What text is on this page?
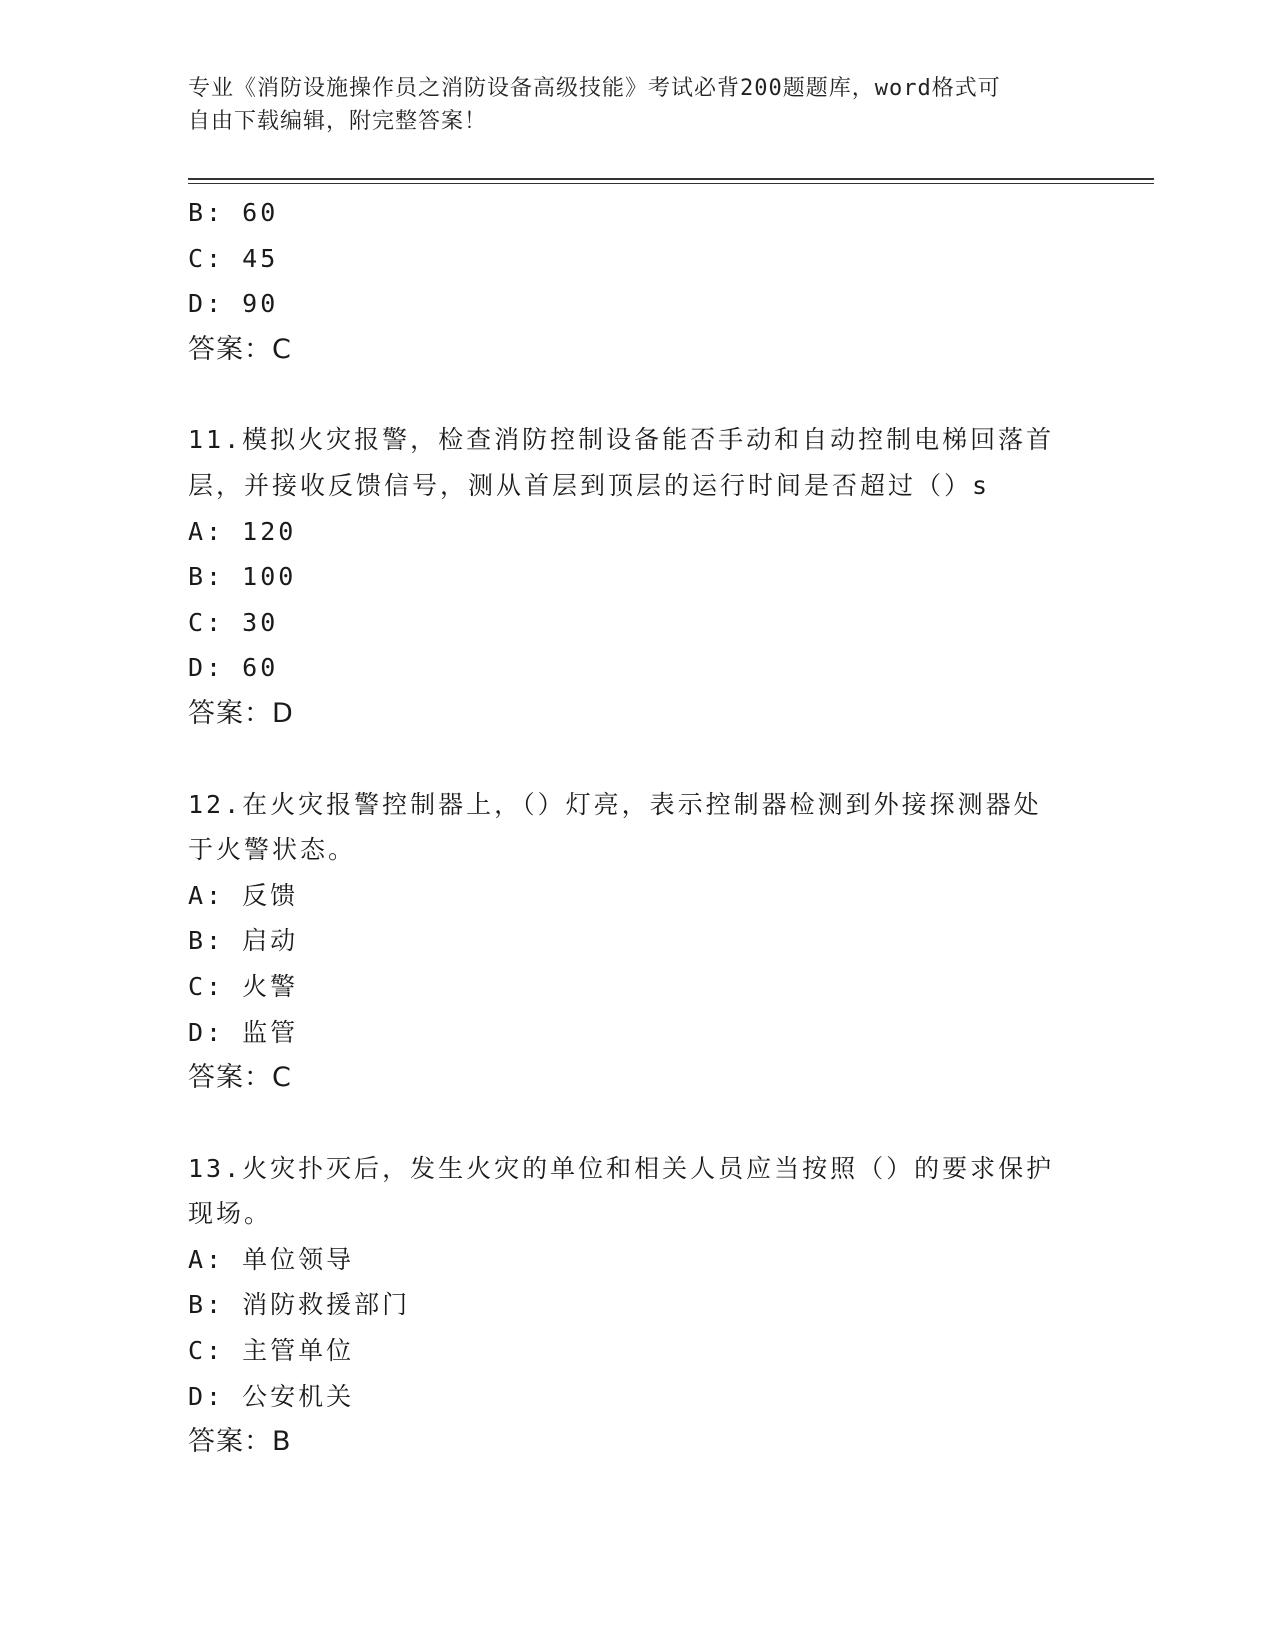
专业《消防设施操作员之消防设备高级技能》考试必背200题题库，word格式可
自由下载编辑，附完整答案！
B: 60
C: 45
D: 90
答案：C
11.模拟火灾报警，检查消防控制设备能否手动和自动控制电梯回落首
层，并接收反馈信号，测从首层到顶层的运行时间是否超过（）s
A: 120
B: 100
C: 30
D: 60
答案：D
12.在火灾报警控制器上，（）灯亮，表示控制器检测到外接探测器处
于火警状态。
A: 反馈
B: 启动
C: 火警
D: 监管
答案：C
13.火灾扑灭后，发生火灾的单位和相关人员应当按照（）的要求保护
现场。
A: 单位领导
B: 消防救援部门
C: 主管单位
D: 公安机关
答案：B
